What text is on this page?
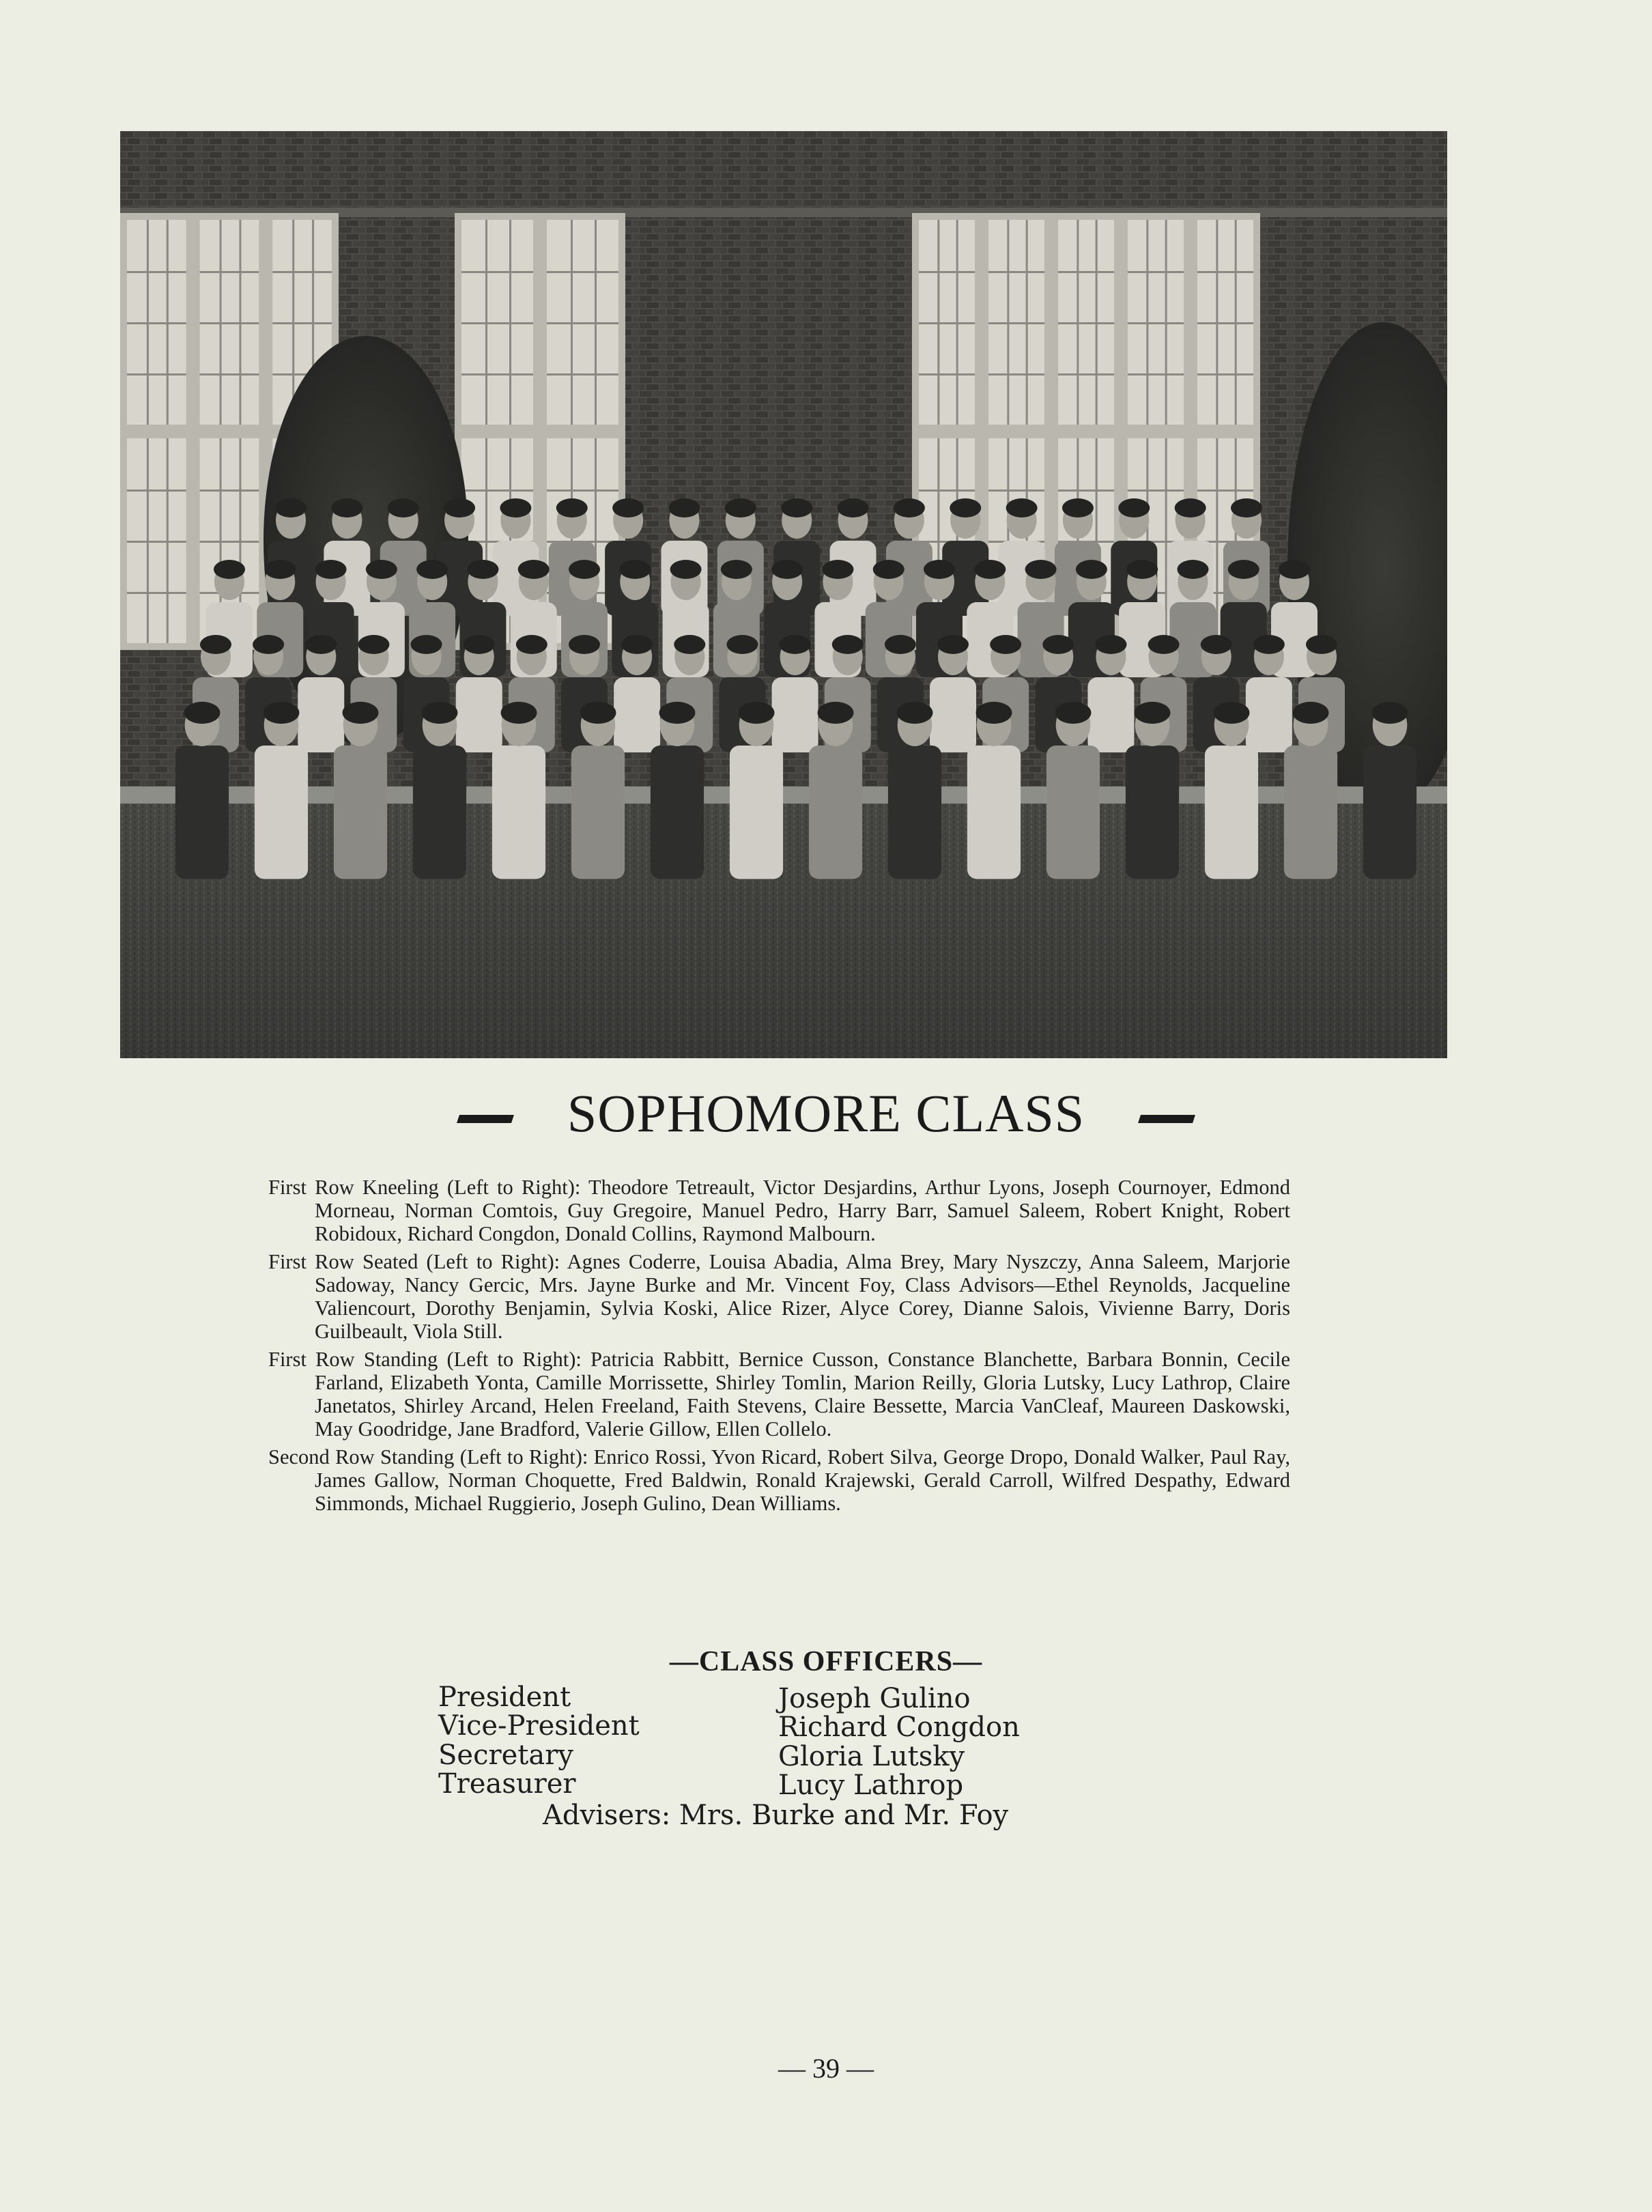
SOPHOMORE CLASS

First Row Kneeling (Left to Right): Theodore Tetreault, Victor Desjardins, Arthur Lyons, Joseph Cournoyer, Edmond Morneau, Norman Comtois, Guy Gregoire, Manuel Pedro, Harry Barr, Samuel Saleem, Robert Knight, Robert Robidoux, Richard Congdon, Donald Collins, Raymond Malbourn.

First Row Seated (Left to Right): Agnes Coderre, Louisa Abadia, Alma Brey, Mary Nyszczy, Anna Saleem, Marjorie Sadoway, Nancy Gercic, Mrs. Jayne Burke and Mr. Vincent Foy, Class Advisors—Ethel Reynolds, Jacqueline Valiencourt, Dorothy Benjamin, Sylvia Koski, Alice Rizer, Alyce Corey, Dianne Salois, Vivienne Barry, Doris Guilbeault, Viola Still.

First Row Standing (Left to Right): Patricia Rabbitt, Bernice Cusson, Constance Blanchette, Barbara Bonnin, Cecile Farland, Elizabeth Yonta, Camille Morrissette, Shirley Tomlin, Marion Reilly, Gloria Lutsky, Lucy Lathrop, Claire Janetatos, Shirley Arcand, Helen Freeland, Faith Stevens, Claire Bessette, Marcia VanCleaf, Maureen Daskowski, May Goodridge, Jane Bradford, Valerie Gillow, Ellen Collelo.

Second Row Standing (Left to Right): Enrico Rossi, Yvon Ricard, Robert Silva, George Dropo, Donald Walker, Paul Ray, James Gallow, Norman Choquette, Fred Baldwin, Ronald Krajewski, Gerald Carroll, Wilfred Despathy, Edward Simmonds, Michael Ruggierio, Joseph Gulino, Dean Williams.

—CLASS OFFICERS—
President	Joseph Gulino
Vice-President	Richard Congdon
Secretary	Gloria Lutsky
Treasurer	Lucy Lathrop
Advisers: Mrs. Burke and Mr. Foy
— 39 —
